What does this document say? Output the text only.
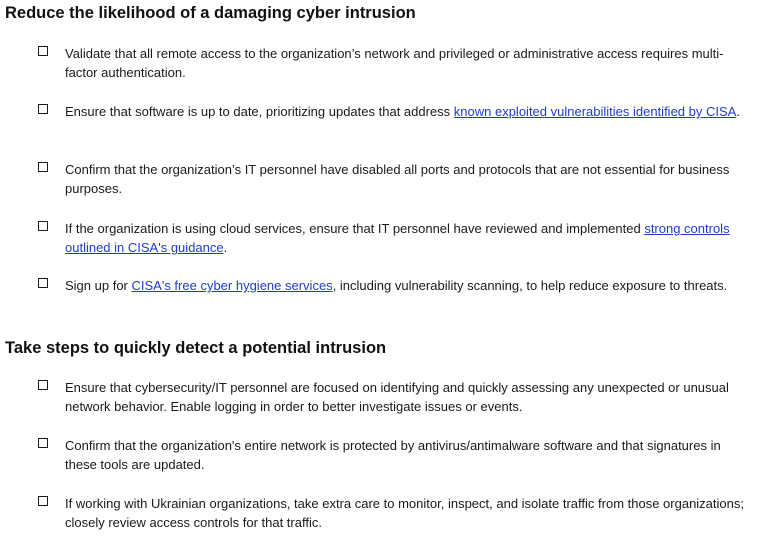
Reduce the likelihood of a damaging cyber intrusion
Validate that all remote access to the organization’s network and privileged or administrative access requires multi-factor authentication.
Ensure that software is up to date, prioritizing updates that address known exploited vulnerabilities identified by CISA.
Confirm that the organization’s IT personnel have disabled all ports and protocols that are not essential for business purposes.
If the organization is using cloud services, ensure that IT personnel have reviewed and implemented strong controls outlined in CISA's guidance.
Sign up for CISA's free cyber hygiene services, including vulnerability scanning, to help reduce exposure to threats.
Take steps to quickly detect a potential intrusion
Ensure that cybersecurity/IT personnel are focused on identifying and quickly assessing any unexpected or unusual network behavior. Enable logging in order to better investigate issues or events.
Confirm that the organization's entire network is protected by antivirus/antimalware software and that signatures in these tools are updated.
If working with Ukrainian organizations, take extra care to monitor, inspect, and isolate traffic from those organizations; closely review access controls for that traffic.
